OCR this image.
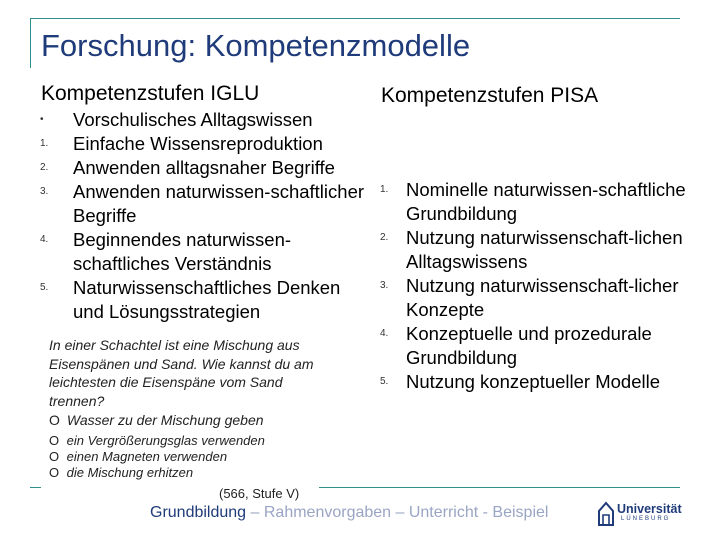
Forschung: Kompetenzmodelle
Kompetenzstufen IGLU	Kompetenzstufen PISA
• Vorschulisches Alltagswissen
1. Einfache Wissensreproduktion
2. Anwenden alltagsnaher Begriffe
3. Anwenden naturwissen-schaftlicher Begriffe
4. Beginnendes naturwissen-schaftliches Verständnis
5. Naturwissenschaftliches Denken und Lösungsstrategien
1. Nominelle naturwissen-schaftliche Grundbildung
2. Nutzung naturwissenschaft-lichen Alltagswissens
3. Nutzung naturwissenschaft-licher Konzepte
4. Konzeptuelle und prozedurale Grundbildung
5. Nutzung konzeptueller Modelle
In einer Schachtel ist eine Mischung aus Eisenspänen und Sand. Wie kannst du am leichtesten die Eisenspäne vom Sand trennen?
O Wasser zu der Mischung geben
O ein Vergrößerungsglas verwenden
O einen Magneten verwenden
O die Mischung erhitzen
(566, Stufe V)
Grundbildung – Rahmenvorgaben – Unterricht - Beispiel	Universität
LÜNEBURG
